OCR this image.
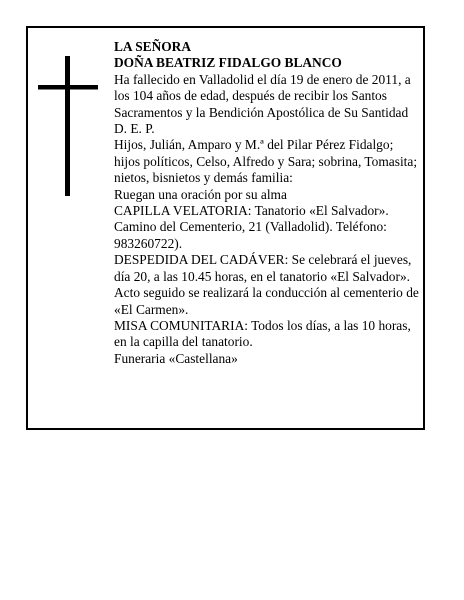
LA SEÑORA

DOÑA BEATRIZ FIDALGO BLANCO

Ha fallecido en Valladolid el día 19 de enero de 2011, a los 104 años de edad, después de recibir los Santos Sacramentos y la Bendición Apostólica de Su Santidad

D. E. P.

Hijos, Julián, Amparo y M.ª del Pilar Pérez Fidalgo; hijos políticos, Celso, Alfredo y Sara; sobrina, Tomasita; nietos, bisnietos y demás familia:

Ruegan una oración por su alma

CAPILLA VELATORIA: Tanatorio «El Salvador». Camino del Cementerio, 21 (Valladolid). Teléfono: 983260722).

DESPEDIDA DEL CADÁVER: Se celebrará el jueves, día 20, a las 10.45 horas, en el tanatorio «El Salvador». Acto seguido se realizará la conducción al cementerio de «El Carmen».

MISA COMUNITARIA: Todos los días, a las 10 horas, en la capilla del tanatorio.

Funeraria «Castellana»
